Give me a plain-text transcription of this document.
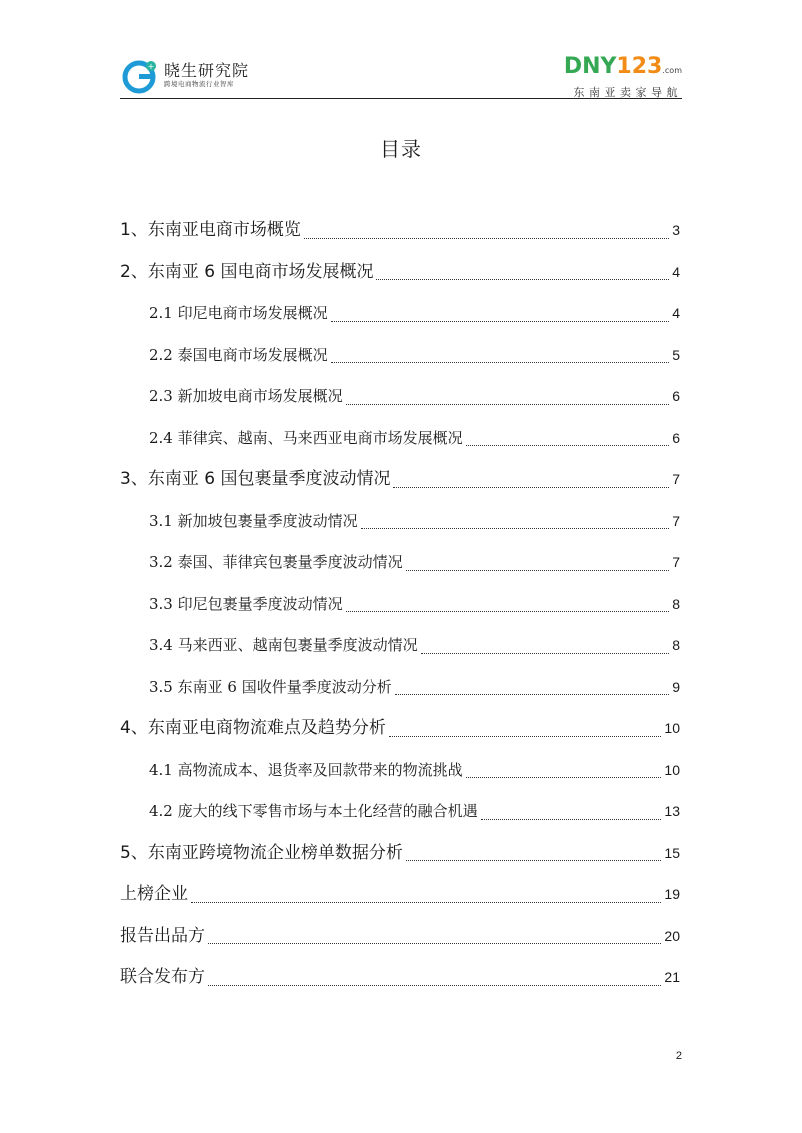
+ 晓生研究院
跨境电商物流行业智库
DNY123.com
东南亚卖家导航
目录
1、东南亚电商市场概览	3
2、东南亚 6 国电商市场发展概况	4
2.1 印尼电商市场发展概况	4
2.2 泰国电商市场发展概况	5
2.3 新加坡电商市场发展概况	6
2.4 菲律宾、越南、马来西亚电商市场发展概况	6
3、东南亚 6 国包裹量季度波动情况	7
3.1 新加坡包裹量季度波动情况	7
3.2 泰国、菲律宾包裹量季度波动情况	7
3.3 印尼包裹量季度波动情况	8
3.4 马来西亚、越南包裹量季度波动情况	8
3.5 东南亚 6 国收件量季度波动分析	9
4、东南亚电商物流难点及趋势分析	10
4.1 高物流成本、退货率及回款带来的物流挑战	10
4.2 庞大的线下零售市场与本土化经营的融合机遇	13
5、东南亚跨境物流企业榜单数据分析	15
上榜企业	19
报告出品方	20
联合发布方	21
2
